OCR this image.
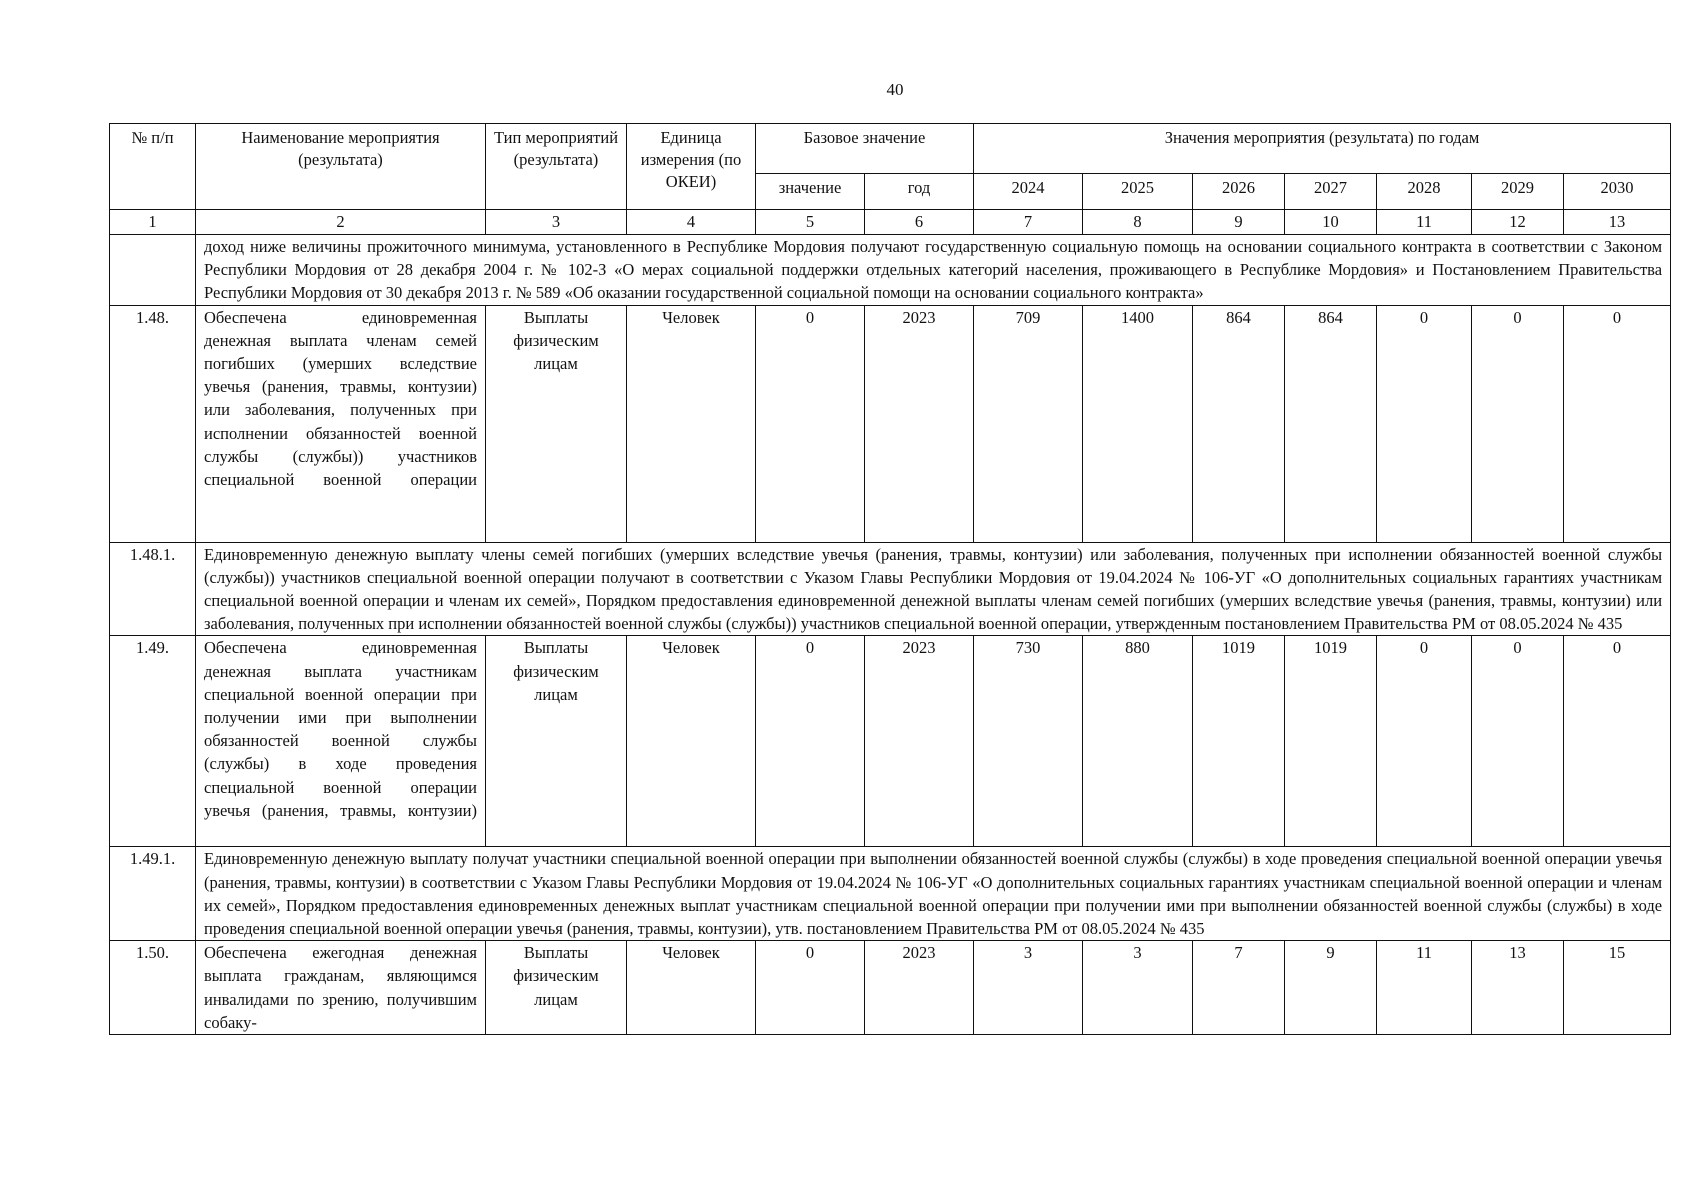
40
№ п/п	Наименование мероприятия (результата)	Тип мероприятий (результата)	Единица измерения (по ОКЕИ)	Базовое значение		Значения мероприятия (результата) по годам						
				значение	год	2024	2025	2026	2027	2028	2029	2030
1	2	3	4	5	6	7	8	9	10	11	12	13
	доход ниже величины прожиточного минимума, установленного в Республике Мордовия получают государственную социальную помощь на основании социального контракта в соответствии с Законом Республики Мордовия от 28 декабря 2004 г. № 102-З «О мерах социальной поддержки отдельных категорий населения, проживающего в Республике Мордовия» и Постановлением Правительства Республики Мордовия от 30 декабря 2013 г. № 589 «Об оказании государственной социальной помощи на основании социального контракта»											
1.48.	Обеспечена единовременная денежная выплата членам семей погибших (умерших вследствие увечья (ранения, травмы, контузии) или заболевания, полученных при исполнении обязанностей военной службы (службы)) участников специальной военной операции	Выплаты физическим лицам	Человек	0	2023	709	1400	864	864	0	0	0
1.48.1.	Единовременную денежную выплату члены семей погибших (умерших вследствие увечья (ранения, травмы, контузии) или заболевания, полученных при исполнении обязанностей военной службы (службы)) участников специальной военной операции получают в соответствии с Указом Главы Республики Мордовия от 19.04.2024 № 106-УГ «О дополнительных социальных гарантиях участникам специальной военной операции и членам их семей», Порядком предоставления единовременной денежной выплаты членам семей погибших (умерших вследствие увечья (ранения, травмы, контузии) или заболевания, полученных при исполнении обязанностей военной службы (службы)) участников специальной военной операции, утвержденным постановлением Правительства РМ от 08.05.2024 № 435											
1.49.	Обеспечена единовременная денежная выплата участникам специальной военной операции при получении ими при выполнении обязанностей военной службы (службы) в ходе проведения специальной военной операции увечья (ранения, травмы, контузии)	Выплаты физическим лицам	Человек	0	2023	730	880	1019	1019	0	0	0
1.49.1.	Единовременную денежную выплату получат участники специальной военной операции при выполнении обязанностей военной службы (службы) в ходе проведения специальной военной операции увечья (ранения, травмы, контузии) в соответствии с Указом Главы Республики Мордовия от 19.04.2024 № 106-УГ «О дополнительных социальных гарантиях участникам специальной военной операции и членам их семей», Порядком предоставления единовременных денежных выплат участникам специальной военной операции при получении ими при выполнении обязанностей военной службы (службы) в ходе проведения специальной военной операции увечья (ранения, травмы, контузии), утв. постановлением Правительства РМ от 08.05.2024 № 435											
1.50.	Обеспечена ежегодная денежная выплата гражданам, являющимся инвалидами по зрению, получившим собаку-	Выплаты физическим лицам	Человек	0	2023	3	3	7	9	11	13	15
